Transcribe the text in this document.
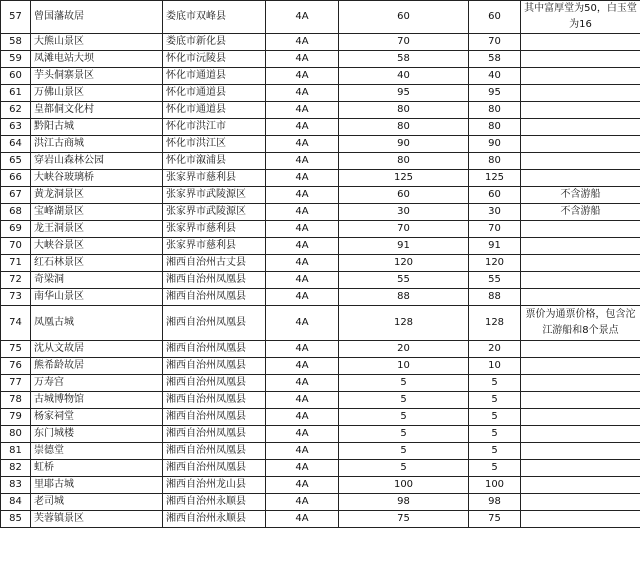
57	曾国藩故居	娄底市双峰县	4A	60	60	其中富厚堂为50，白玉堂为16
58	大熊山景区	娄底市新化县	4A	70	70	
59	凤滩电站大坝	怀化市沅陵县	4A	58	58	
60	芋头侗寨景区	怀化市通道县	4A	40	40	
61	万佛山景区	怀化市通道县	4A	95	95	
62	皇都侗文化村	怀化市通道县	4A	80	80	
63	黔阳古城	怀化市洪江市	4A	80	80	
64	洪江古商城	怀化市洪江区	4A	90	90	
65	穿岩山森林公园	怀化市溆浦县	4A	80	80	
66	大峡谷玻璃桥	张家界市慈利县	4A	125	125	
67	黄龙洞景区	张家界市武陵源区	4A	60	60	不含游船
68	宝峰湖景区	张家界市武陵源区	4A	30	30	不含游船
69	龙王洞景区	张家界市慈利县	4A	70	70	
70	大峡谷景区	张家界市慈利县	4A	91	91	
71	红石林景区	湘西自治州古丈县	4A	120	120	
72	奇梁洞	湘西自治州凤凰县	4A	55	55	
73	南华山景区	湘西自治州凤凰县	4A	88	88	
74	凤凰古城	湘西自治州凤凰县	4A	128	128	票价为通票价格，包含沱江游船和8个景点
75	沈从文故居	湘西自治州凤凰县	4A	20	20	
76	熊希龄故居	湘西自治州凤凰县	4A	10	10	
77	万寿宫	湘西自治州凤凰县	4A	5	5	
78	古城博物馆	湘西自治州凤凰县	4A	5	5	
79	杨家祠堂	湘西自治州凤凰县	4A	5	5	
80	东门城楼	湘西自治州凤凰县	4A	5	5	
81	崇德堂	湘西自治州凤凰县	4A	5	5	
82	虹桥	湘西自治州凤凰县	4A	5	5	
83	里耶古城	湘西自治州龙山县	4A	100	100	
84	老司城	湘西自治州永顺县	4A	98	98	
85	芙蓉镇景区	湘西自治州永顺县	4A	75	75	
